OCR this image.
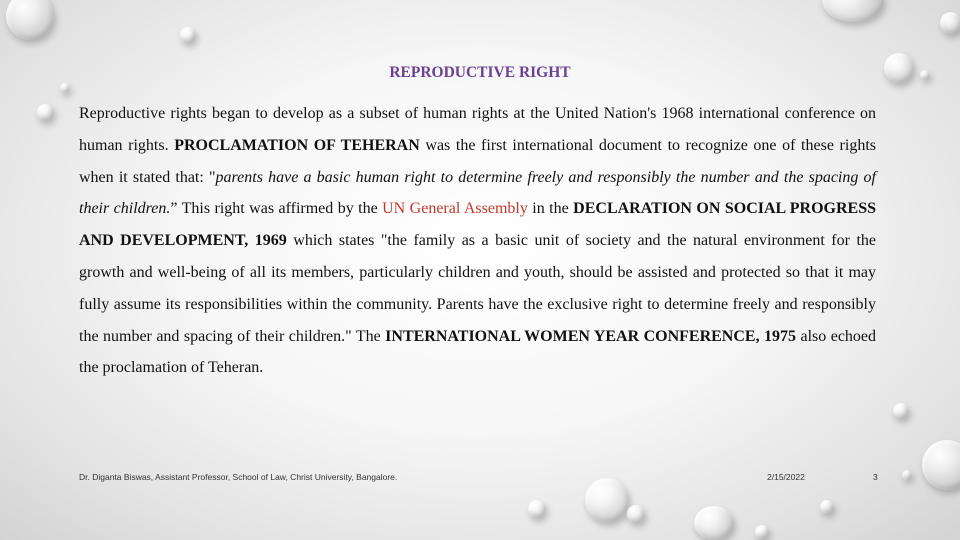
REPRODUCTIVE RIGHT

Reproductive rights began to develop as a subset of human rights at the United Nation's 1968 international conference on human rights. PROCLAMATION OF TEHERAN was the first international document to recognize one of these rights when it stated that: "parents have a basic human right to determine freely and responsibly the number and the spacing of their children.” This right was affirmed by the UN General Assembly in the DECLARATION ON SOCIAL PROGRESS AND DEVELOPMENT, 1969 which states "the family as a basic unit of society and the natural environment for the growth and well-being of all its members, particularly children and youth, should be assisted and protected so that it may fully assume its responsibilities within the community. Parents have the exclusive right to determine freely and responsibly the number and spacing of their children." The INTERNATIONAL WOMEN YEAR CONFERENCE, 1975 also echoed the proclamation of Teheran.

Dr. Diganta Biswas, Assistant Professor, School of Law, Christ University, Bangalore.	2/15/2022	3
